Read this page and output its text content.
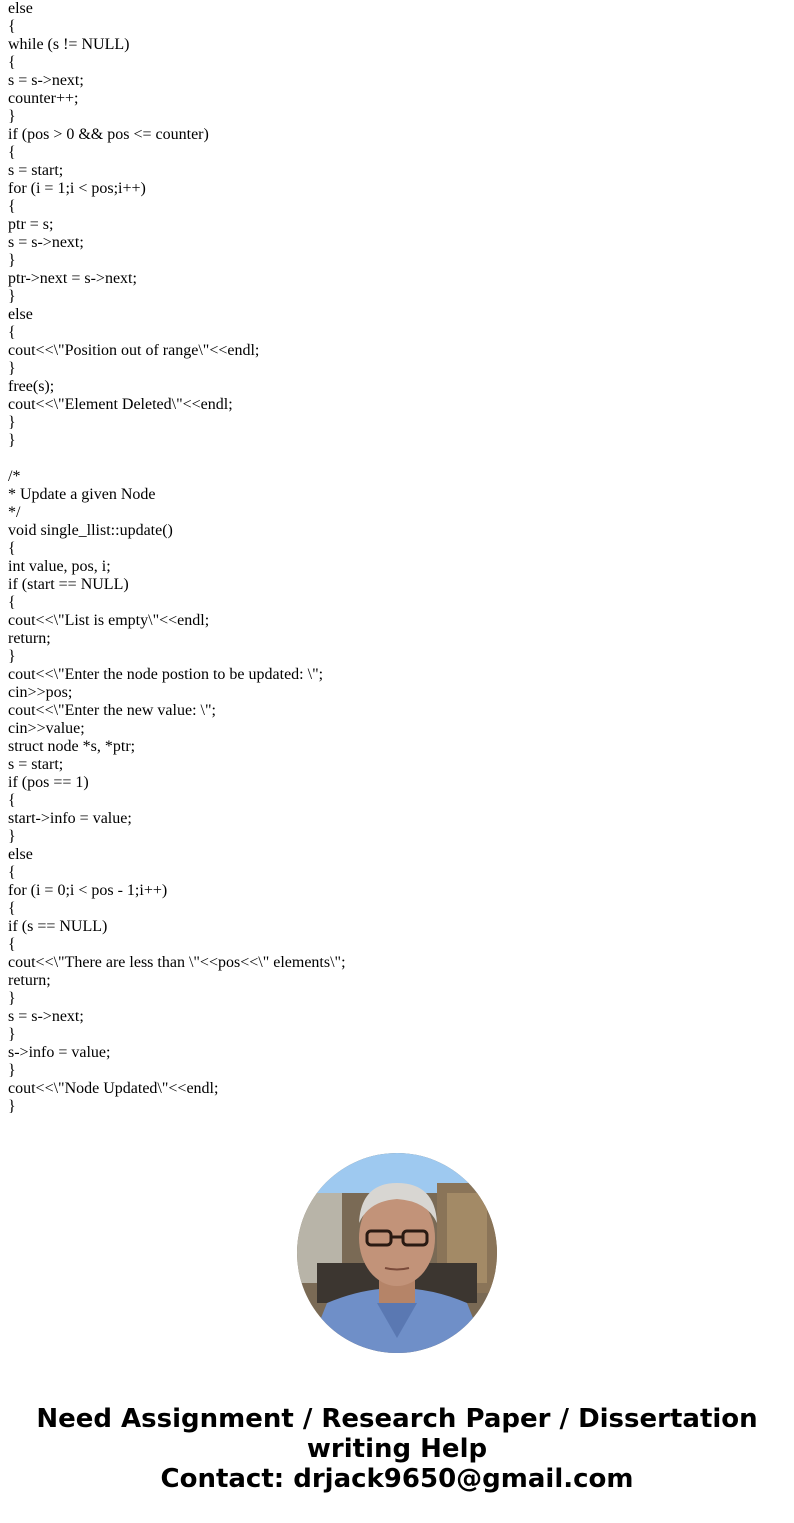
else
{
while (s != NULL)
{
s = s->next;
counter++;
}
if (pos > 0 && pos <= counter)
{
s = start;
for (i = 1;i < pos;i++)
{
ptr = s;
s = s->next;
}
ptr->next = s->next;
}
else
{
cout<<\"Position out of range\"<<endl;
}
free(s);
cout<<\"Element Deleted\"<<endl;
}
}
/*
* Update a given Node
*/
void single_llist::update()
{
int value, pos, i;
if (start == NULL)
{
cout<<\"List is empty\"<<endl;
return;
}
cout<<\"Enter the node postion to be updated: \";
cin>>pos;
cout<<\"Enter the new value: \";
cin>>value;
struct node *s, *ptr;
s = start;
if (pos == 1)
{
start->info = value;
}
else
{
for (i = 0;i < pos - 1;i++)
{
if (s == NULL)
{
cout<<\"There are less than \"<<pos<<\" elements\";
return;
}
s = s->next;
}
s->info = value;
}
cout<<\"Node Updated\"<<endl;
}
Need Assignment / Research Paper / Dissertation
writing Help
Contact: drjack9650@gmail.com
